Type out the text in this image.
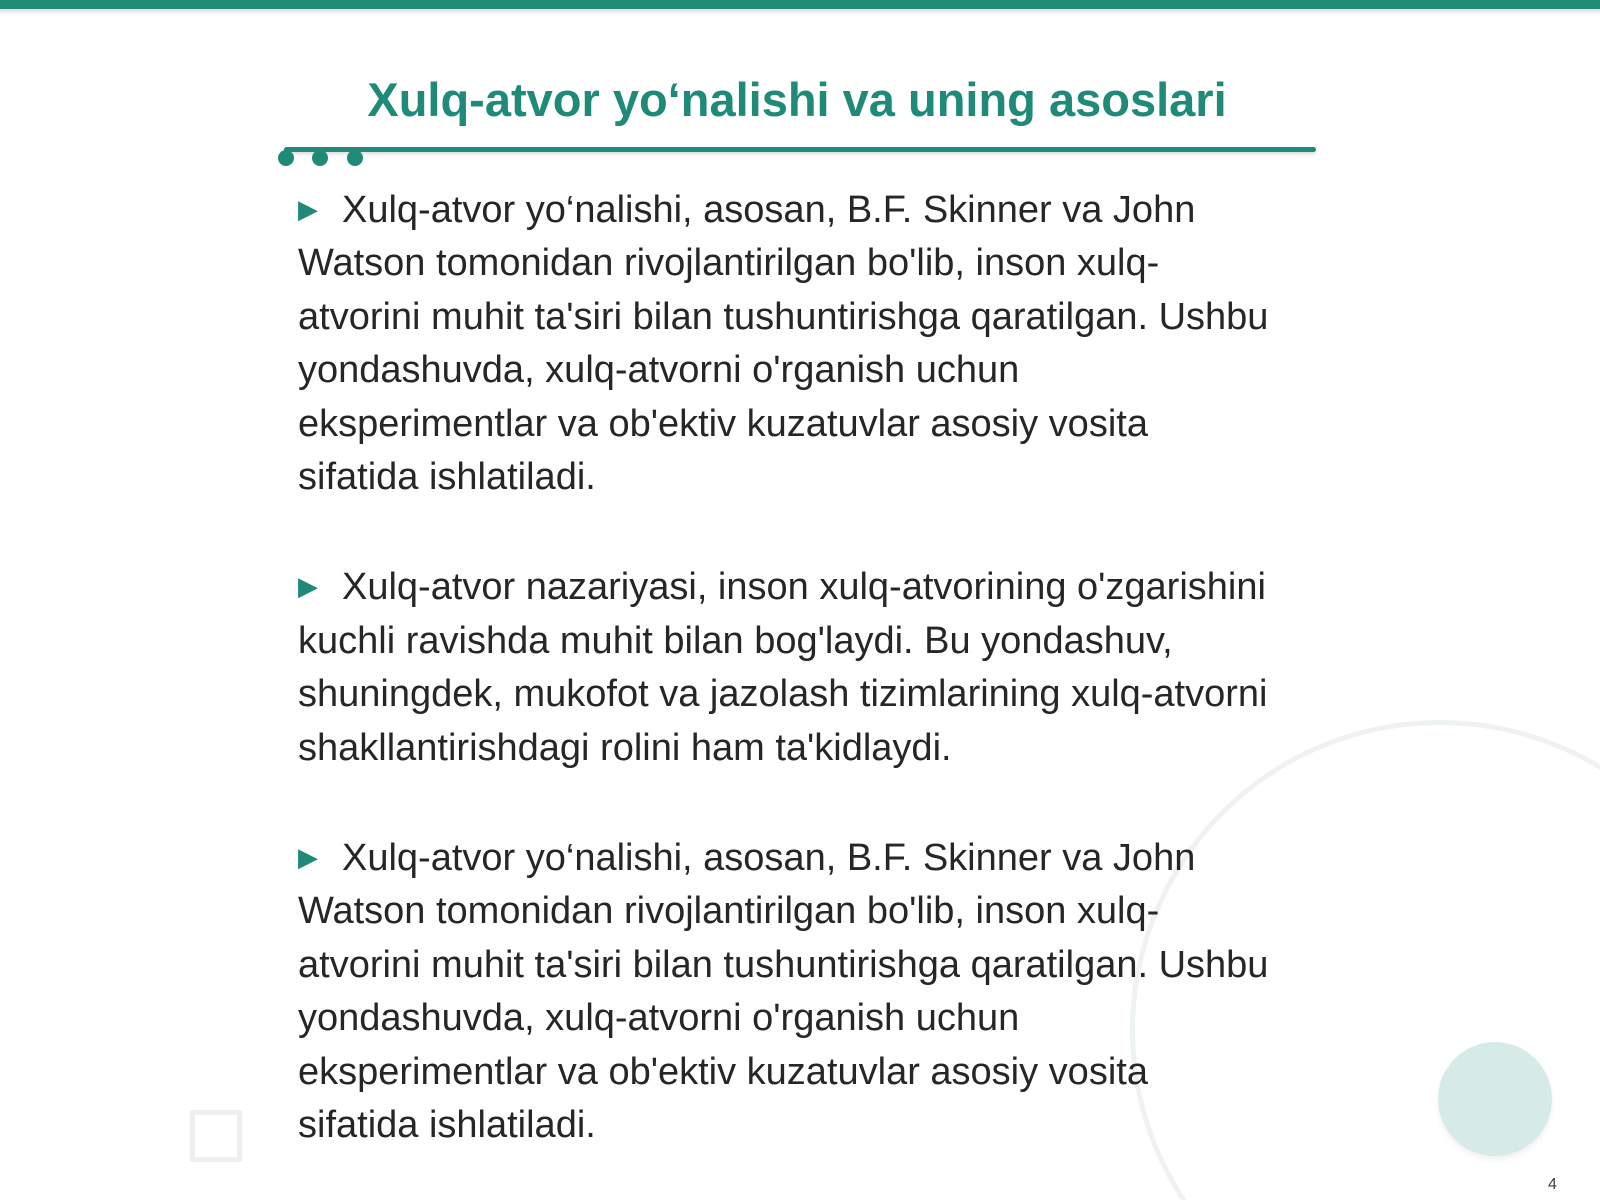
Xulq-atvor yo‘nalishi va uning asoslari

▶ Xulq-atvor yo‘nalishi, asosan, B.F. Skinner va John Watson tomonidan rivojlantirilgan bo'lib, inson xulq-atvorini muhit ta'siri bilan tushuntirishga qaratilgan. Ushbu yondashuvda, xulq-atvorni o'rganish uchun eksperimentlar va ob'ektiv kuzatuvlar asosiy vosita sifatida ishlatiladi.

▶ Xulq-atvor nazariyasi, inson xulq-atvorining o'zgarishini kuchli ravishda muhit bilan bog'laydi. Bu yondashuv, shuningdek, mukofot va jazolash tizimlarining xulq-atvorni shakllantirishdagi rolini ham ta'kidlaydi.

▶ Xulq-atvor yo‘nalishi, asosan, B.F. Skinner va John Watson tomonidan rivojlantirilgan bo'lib, inson xulq-atvorini muhit ta'siri bilan tushuntirishga qaratilgan. Ushbu yondashuvda, xulq-atvorni o'rganish uchun eksperimentlar va ob'ektiv kuzatuvlar asosiy vosita sifatida ishlatiladi.

4
